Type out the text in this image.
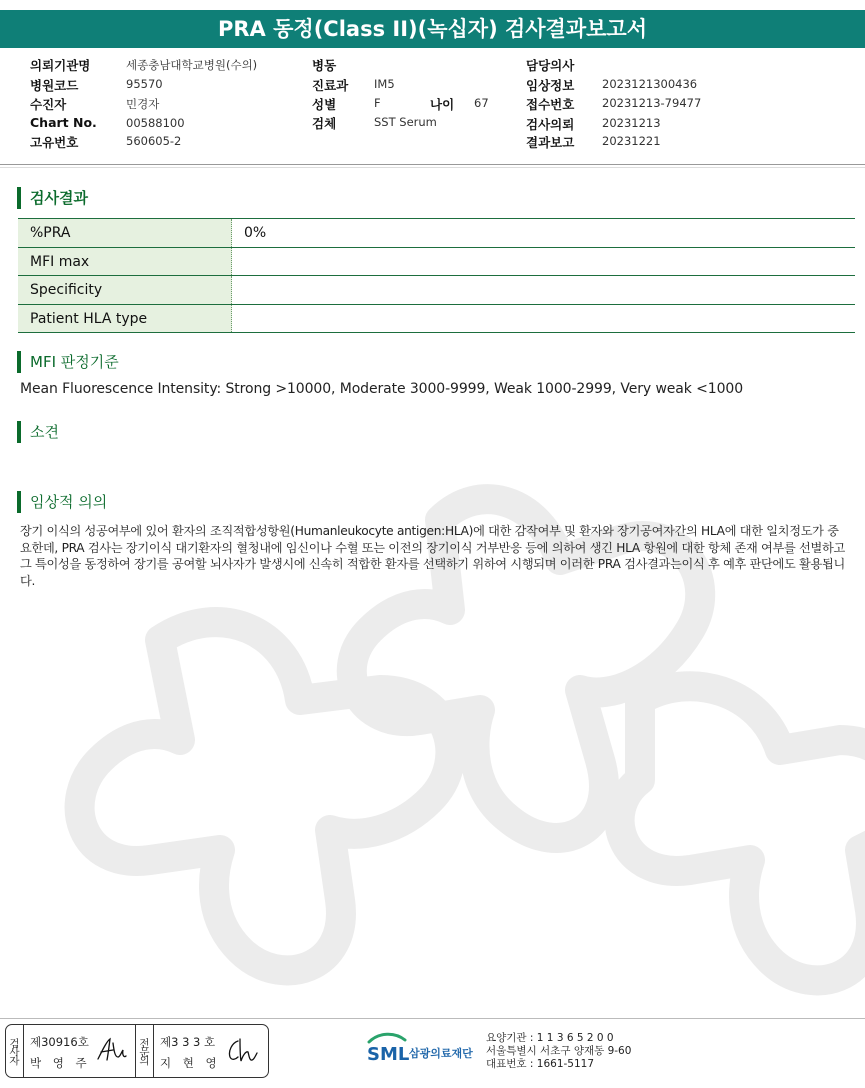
PRA 동정(Class II)(녹십자) 검사결과보고서
의뢰기관명	세종충남대학교병원(수의)
병원코드	95570
수진자	민경자
Chart No.	00588100
고유번호	560605-2
병동
진료과 IM5
성별	F	나이 67
검체	SST Serum
담당의사
임상정보 2023121300436
접수번호 20231213-79477
검사의뢰 20231213
결과보고 20231221
검사결과
%PRA	0%
MFI max
Specificity
Patient HLA type
MFI 판정기준
Mean Fluorescence Intensity: Strong >10000, Moderate 3000-9999, Weak 1000-2999, Very weak <1000
소견
임상적 의의
장기 이식의 성공여부에 있어 환자의 조직적합성항원(Humanleukocyte antigen:HLA)에 대한 감작여부 및 환자와 장기공여자간의 HLA에 대한 일치정도가 중요한데, PRA 검사는 장기이식 대기환자의 혈청내에 임신이나 수혈 또는 이전의 장기이식 거부반응 등에 의하여 생긴 HLA 항원에 대한 항체 존재 여부를 선별하고 그 특이성을 동정하여 장기를 공여할 뇌사자가 발생시에 신속히 적합한 환자를 선택하기 위하여 시행되며 이러한 PRA 검사결과는이식 후 예후 판단에도 활용됩니다.
검사자 제30916호
박 영 주	전문의 제3 3 3 호
지 현 영	SML 삼광의료재단
요양기관 : 1 1 3 6 5 2 0 0
서울특별시 서초구 양재동 9-60
대표번호 : 1661-5117
